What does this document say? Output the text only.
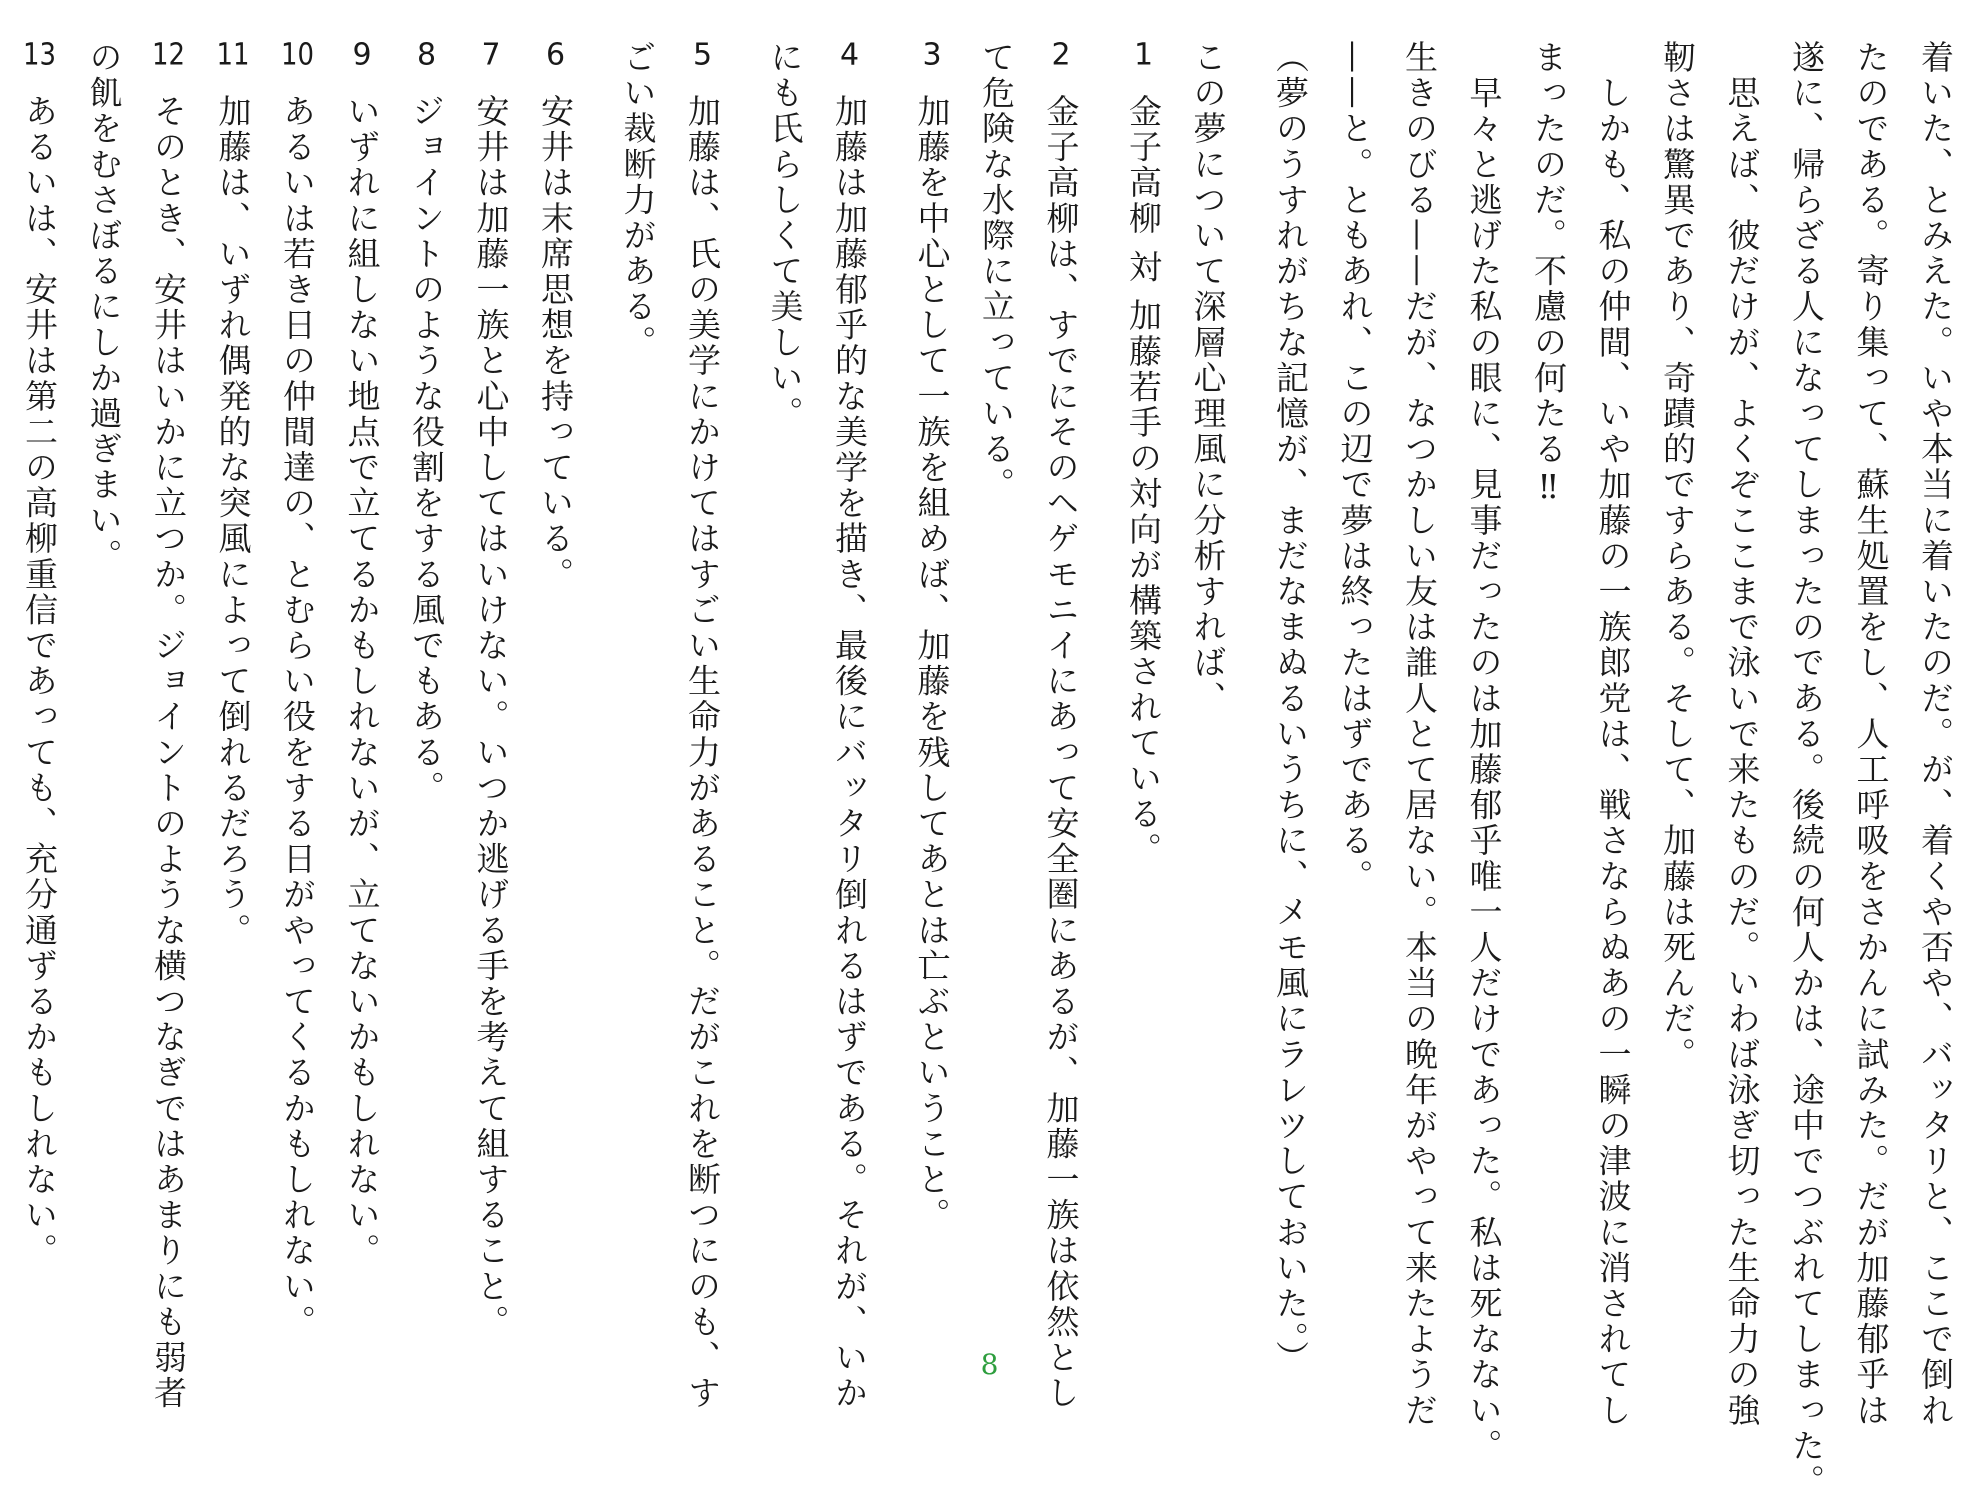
着いた、とみえた。いや本当に着いたのだ。が、着くや否や、バッタリと、ここで倒れ
たのである。寄り集って、蘇生処置をし、人工呼吸をさかんに試みた。だが加藤郁乎は
遂に、帰らざる人になってしまったのである。後続の何人かは、途中でつぶれてしまった。
　思えば、彼だけが、よくぞここまで泳いで来たものだ。いわば泳ぎ切った生命力の強
靭さは驚異であり、奇蹟的ですらある。そして、加藤は死んだ。
　しかも、私の仲間、いや加藤の一族郎党は、戦さならぬあの一瞬の津波に消されてし
まったのだ。不慮の何たる‼
　早々と逃げた私の眼に、見事だったのは加藤郁乎唯一人だけであった。私は死なない。
生きのびる——だが、なつかしい友は誰人とて居ない。本当の晩年がやって来たようだ
——と。ともあれ、この辺で夢は終ったはずである。
（夢のうすれがちな記憶が、まだなまぬるいうちに、メモ風にラレツしておいた。）
この夢について深層心理風に分析すれば、
1金子高柳 対 加藤若手の対向が構築されている。
2金子高柳は、すでにそのヘゲモニイにあって安全圏にあるが、加藤一族は依然とし
て危険な水際に立っている。
3加藤を中心として一族を組めば、加藤を残してあとは亡ぶということ。
4加藤は加藤郁乎的な美学を描き、最後にバッタリ倒れるはずである。それが、いか
にも氏らしくて美しい。
5加藤は、氏の美学にかけてはすごい生命力があること。だがこれを断つにのも、す
ごい裁断力がある。
6安井は末席思想を持っている。
7安井は加藤一族と心中してはいけない。いつか逃げる手を考えて組すること。
8ジョイントのような役割をする風でもある。
9いずれに組しない地点で立てるかもしれないが、立てないかもしれない。
10あるいは若き日の仲間達の、とむらい役をする日がやってくるかもしれない。
11加藤は、いずれ偶発的な突風によって倒れるだろう。
12そのとき、安井はいかに立つか。ジョイントのような横つなぎではあまりにも弱者
の飢をむさぼるにしか過ぎまい。
13あるいは、安井は第二の高柳重信であっても、充分通ずるかもしれない。
8
